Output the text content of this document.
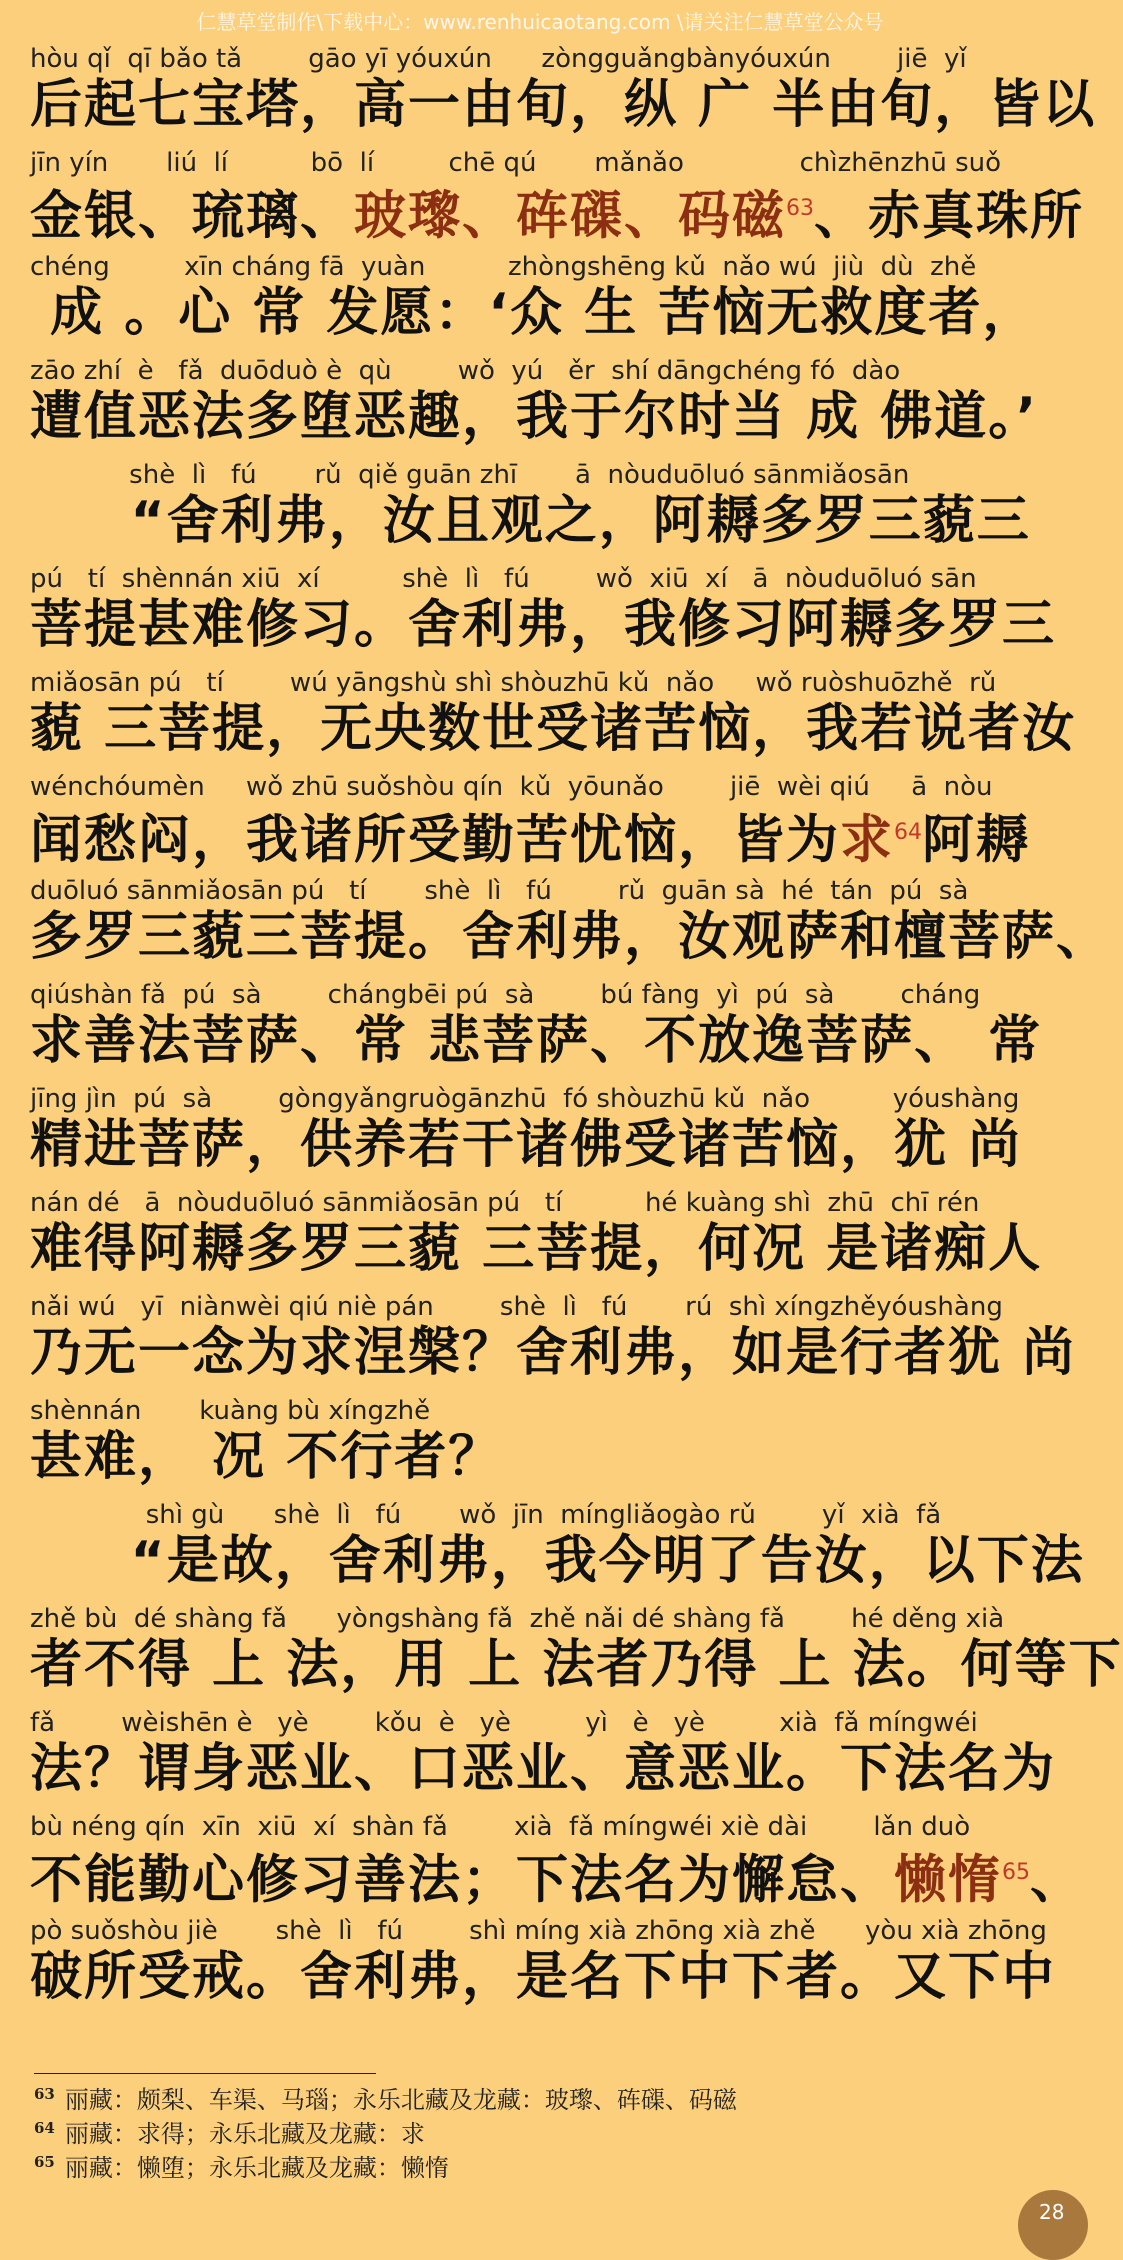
仁慧草堂制作\下载中心：www.renhuicaotang.com \请关注仁慧草堂公众号
hòu qǐ  qī bǎo tǎ        gāo yī yóuxún      zòngguǎngbànyóuxún        jiē  yǐ
后起七宝塔，高一由旬，纵 广 半由旬，皆以
jīn yín       liú  lí          bō  lí         chē qú       mǎnǎo              chìzhēnzhū suǒ
金银、琉璃、玻瓈、砗磲、码磁$^{63}$、赤真珠所
chéng         xīn cháng fā  yuàn          zhòngshēng kǔ  nǎo wú  jiù  dù  zhě
成 。心 常 发愿：‘众 生 苦恼无救度者，
zāo zhí  è   fǎ  duōduò è  qù        wǒ  yú   ěr  shí dāngchéng fó  dào
遭值恶法多堕恶趣，我于尔时当 成 佛道。’
shè  lì   fú       rǔ  qiě guān zhī       ā  nòuduōluó sānmiǎosān
“舍利弗，汝且观之，阿耨多罗三藐三
pú   tí  shènnán xiū  xí          shè  lì   fú        wǒ  xiū  xí   ā  nòuduōluó sān
菩提甚难修习。舍利弗，我修习阿耨多罗三
miǎosān pú   tí        wú yāngshù shì shòuzhū kǔ  nǎo     wǒ ruòshuōzhě  rǔ
藐 三菩提，无央数世受诸苦恼，我若说者汝
wénchóumèn     wǒ zhū suǒshòu qín  kǔ  yōunǎo        jiē  wèi qiú     ā  nòu
闻愁闷，我诸所受勤苦忧恼，皆为求$^{64}$阿耨
duōluó sānmiǎosān pú   tí       shè  lì   fú        rǔ  guān sà  hé  tán  pú  sà
多罗三藐三菩提。舍利弗，汝观萨和檀菩萨、
qiúshàn fǎ  pú  sà        chángbēi pú  sà        bú fàng  yì  pú  sà        cháng
求善法菩萨、常 悲菩萨、不放逸菩萨、 常
jīng jìn  pú  sà        gòngyǎngruògānzhū  fó shòuzhū kǔ  nǎo          yóushàng
精进菩萨，供养若干诸佛受诸苦恼，犹 尚
nán dé   ā  nòuduōluó sānmiǎosān pú   tí          hé kuàng shì  zhū  chī rén
难得阿耨多罗三藐 三菩提，何况 是诸痴人
nǎi wú   yī  niànwèi qiú niè pán        shè  lì   fú       rú  shì xíngzhěyóushàng
乃无一念为求涅槃？舍利弗，如是行者犹 尚
shènnán       kuàng bù xíngzhě
甚难， 况 不行者？
shì gù      shè  lì   fú       wǒ  jīn  míngliǎogào rǔ        yǐ  xià  fǎ
“是故，舍利弗，我今明了告汝，以下法
zhě bù  dé shàng fǎ      yòngshàng fǎ  zhě nǎi dé shàng fǎ        hé děng xià
者不得 上 法，用 上 法者乃得 上 法。何等下
fǎ        wèishēn è   yè        kǒu  è   yè         yì   è   yè         xià  fǎ míngwéi
法？谓身恶业、口恶业、意恶业。下法名为
bù néng qín  xīn  xiū  xí  shàn fǎ        xià  fǎ míngwéi xiè dài        lǎn duò
不能勤心修习善法；下法名为懈怠、懒惰$^{65}$、
pò suǒshòu jiè       shè  lì   fú        shì míng xià zhōng xià zhě      yòu xià zhōng
破所受戒。舍利弗，是名下中下者。又下中
$^{63}$ 丽藏：颇梨、车渠、马瑙；永乐北藏及龙藏：玻瓈、砗磲、码磁
$^{64}$ 丽藏：求得；永乐北藏及龙藏：求
$^{65}$ 丽藏：懒堕；永乐北藏及龙藏：懒惰
28
